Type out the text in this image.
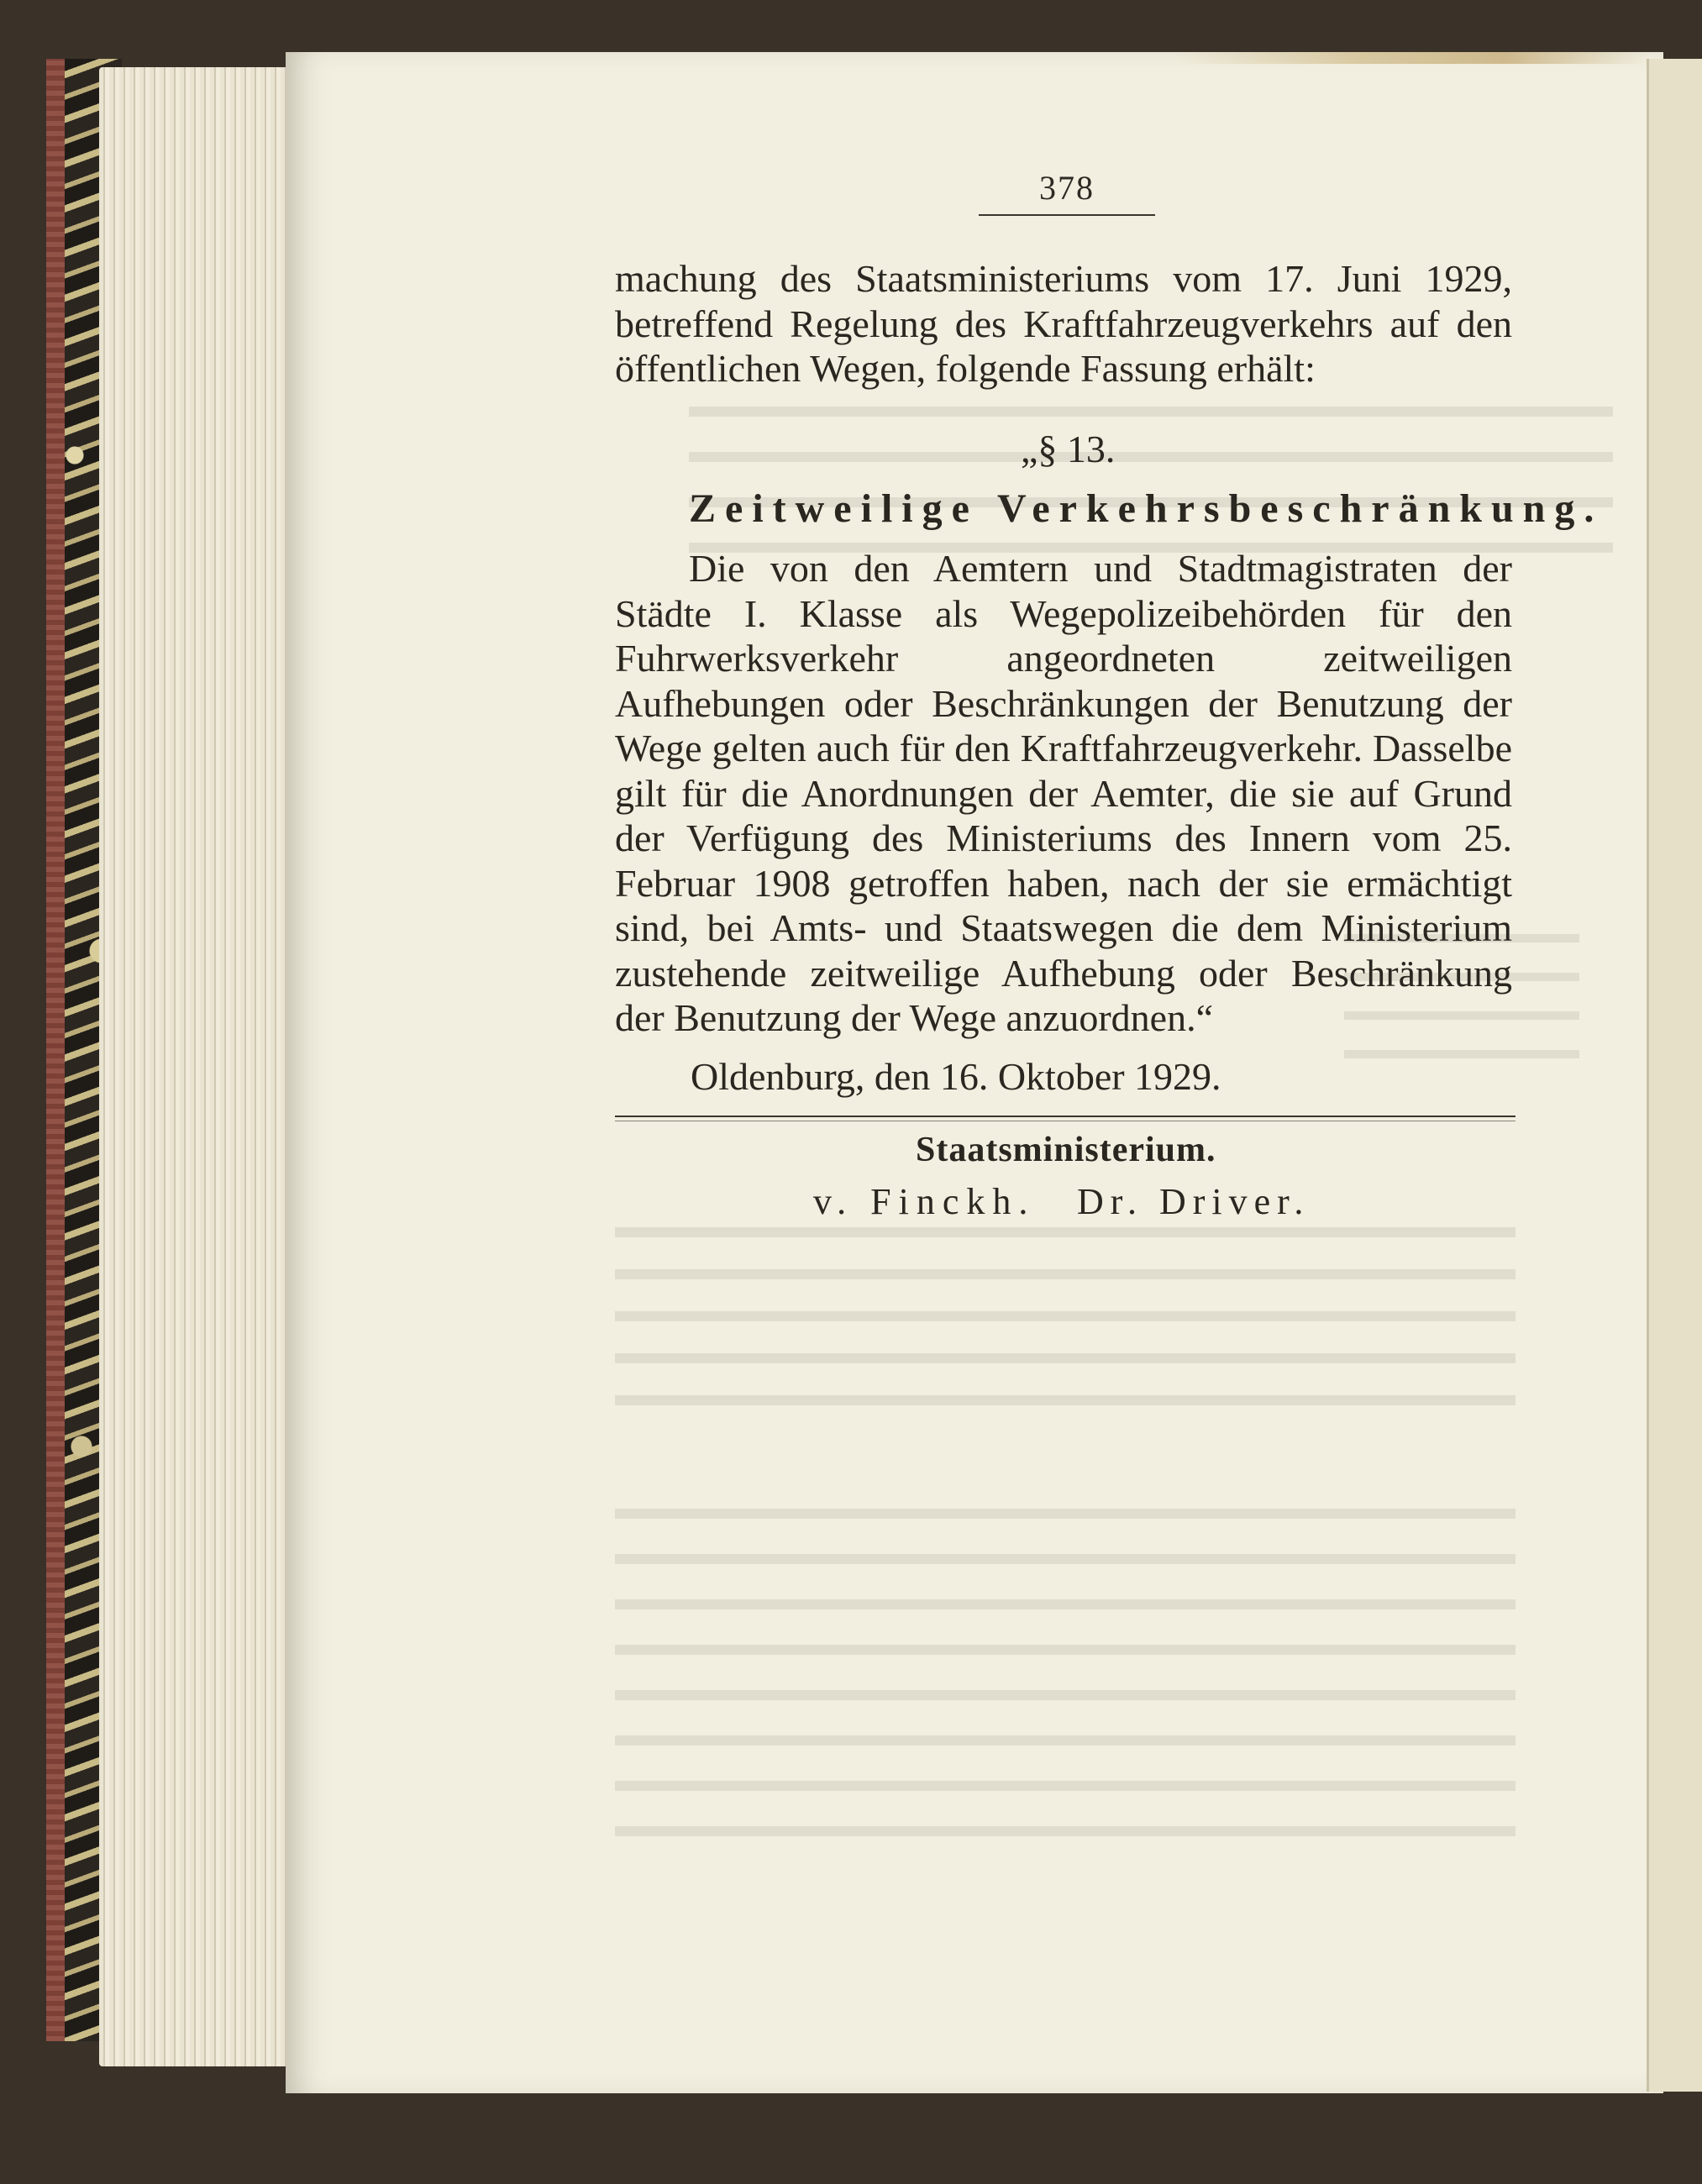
378
machung des Staatsministeriums vom 17. Juni 1929, betreffend Regelung des Kraftfahrzeugverkehrs auf den öffentlichen Wegen, folgende Fassung erhält:
„§ 13.
Zeitweilige Verkehrsbeschränkung.
Die von den Aemtern und Stadtmagistraten der Städte I. Klasse als Wegepolizeibehörden für den Fuhrwerksverkehr angeordneten zeitweiligen Aufhebungen oder Beschränkungen der Benutzung der Wege gelten auch für den Kraftfahrzeugverkehr. Dasselbe gilt für die Anordnungen der Aemter, die sie auf Grund der Verfügung des Ministeriums des Innern vom 25. Februar 1908 getroffen haben, nach der sie ermächtigt sind, bei Amts- und Staatswegen die dem Ministerium zustehende zeitweilige Aufhebung oder Beschränkung der Benutzung der Wege anzuordnen.“
Oldenburg, den 16. Oktober 1929.
Staatsministerium.
v. Finckh. Dr. Driver.
